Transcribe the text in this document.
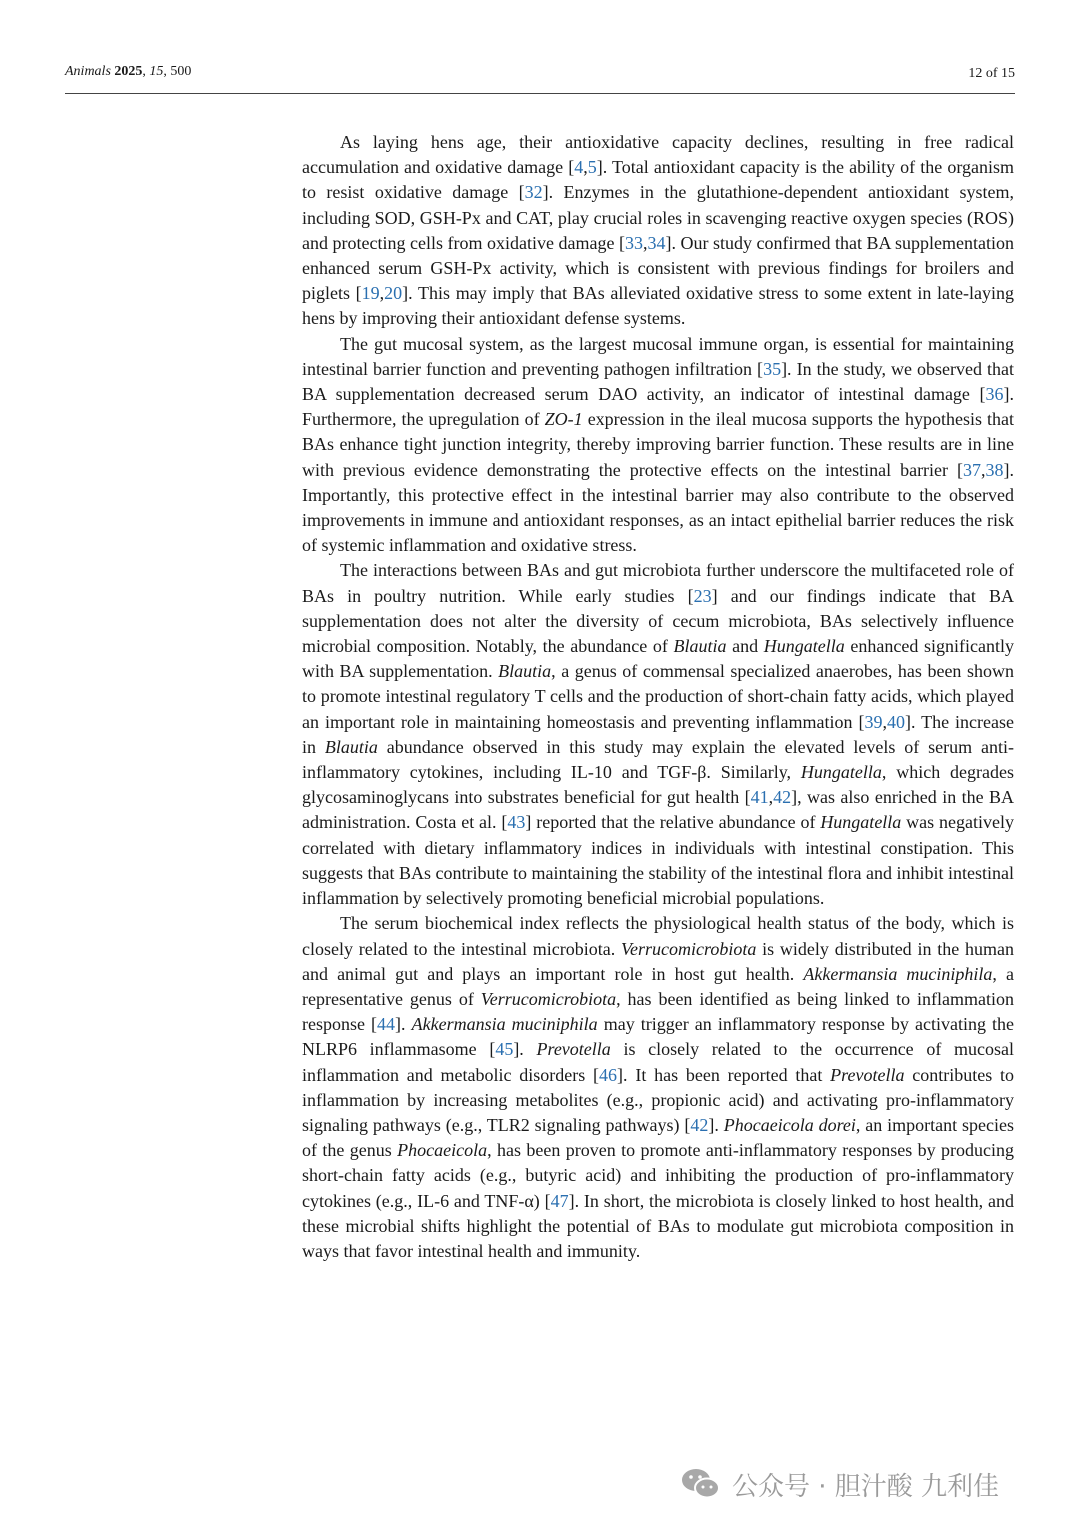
Animals 2025, 15, 500	12 of 15

As laying hens age, their antioxidative capacity declines, resulting in free radical accumulation and oxidative damage [4,5]. Total antioxidant capacity is the ability of the organism to resist oxidative damage [32]. Enzymes in the glutathione-dependent antioxidant system, including SOD, GSH-Px and CAT, play crucial roles in scavenging reactive oxygen species (ROS) and protecting cells from oxidative damage [33,34]. Our study confirmed that BA supplementation enhanced serum GSH-Px activity, which is consistent with previous findings for broilers and piglets [19,20]. This may imply that BAs alleviated oxidative stress to some extent in late-laying hens by improving their antioxidant defense systems.

The gut mucosal system, as the largest mucosal immune organ, is essential for maintaining intestinal barrier function and preventing pathogen infiltration [35]. In the study, we observed that BA supplementation decreased serum DAO activity, an indicator of intestinal damage [36]. Furthermore, the upregulation of ZO-1 expression in the ileal mucosa supports the hypothesis that BAs enhance tight junction integrity, thereby improving barrier function. These results are in line with previous evidence demonstrating the protective effects on the intestinal barrier [37,38]. Importantly, this protective effect in the intestinal barrier may also contribute to the observed improvements in immune and antioxidant responses, as an intact epithelial barrier reduces the risk of systemic inflammation and oxidative stress.

The interactions between BAs and gut microbiota further underscore the multifaceted role of BAs in poultry nutrition. While early studies [23] and our findings indicate that BA supplementation does not alter the diversity of cecum microbiota, BAs selectively influence microbial composition. Notably, the abundance of Blautia and Hungatella enhanced significantly with BA supplementation. Blautia, a genus of commensal specialized anaerobes, has been shown to promote intestinal regulatory T cells and the production of short-chain fatty acids, which played an important role in maintaining homeostasis and preventing inflammation [39,40]. The increase in Blautia abundance observed in this study may explain the elevated levels of serum anti-inflammatory cytokines, including IL-10 and TGF-β. Similarly, Hungatella, which degrades glycosaminoglycans into substrates beneficial for gut health [41,42], was also enriched in the BA administration. Costa et al. [43] reported that the relative abundance of Hungatella was negatively correlated with dietary inflammatory indices in individuals with intestinal constipation. This suggests that BAs contribute to maintaining the stability of the intestinal flora and inhibit intestinal inflammation by selectively promoting beneficial microbial populations.

The serum biochemical index reflects the physiological health status of the body, which is closely related to the intestinal microbiota. Verrucomicrobiota is widely distributed in the human and animal gut and plays an important role in host gut health. Akkermansia muciniphila, a representative genus of Verrucomicrobiota, has been identified as being linked to inflammation response [44]. Akkermansia muciniphila may trigger an inflammatory response by activating the NLRP6 inflammasome [45]. Prevotella is closely related to the occurrence of mucosal inflammation and metabolic disorders [46]. It has been reported that Prevotella contributes to inflammation by increasing metabolites (e.g., propionic acid) and activating pro-inflammatory signaling pathways (e.g., TLR2 signaling pathways) [42]. Phocaeicola dorei, an important species of the genus Phocaeicola, has been proven to promote anti-inflammatory responses by producing short-chain fatty acids (e.g., butyric acid) and inhibiting the production of pro-inflammatory cytokines (e.g., IL-6 and TNF-α) [47]. In short, the microbiota is closely linked to host health, and these microbial shifts highlight the potential of BAs to modulate gut microbiota composition in ways that favor intestinal health and immunity.

公众号 · 胆汁酸 九利佳
